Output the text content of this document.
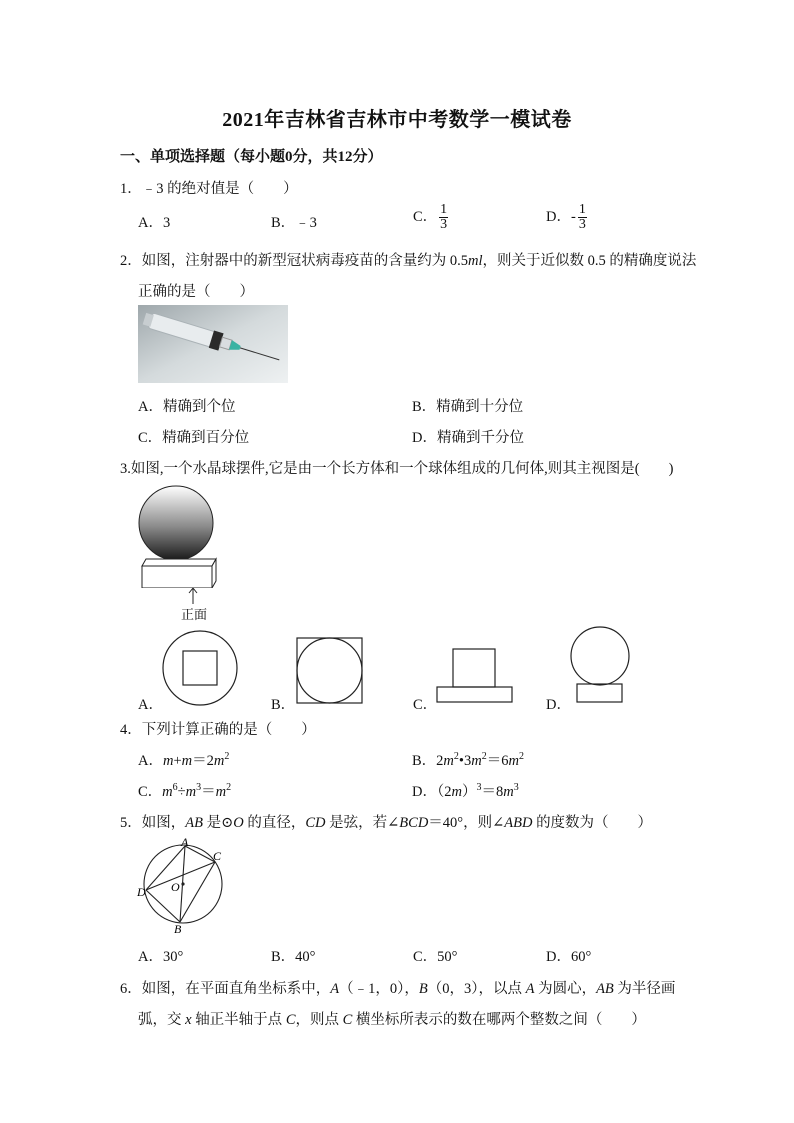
2021年吉林省吉林市中考数学一模试卷
一、单项选择题（每小题0分，共12分）
1．﹣3 的绝对值是（　　）
A．3	B．﹣3	C． $\frac{1}{3}$	D．- $\frac{1}{3}$
2．如图，注射器中的新型冠状病毒疫苗的含量约为 0.5ml，则关于近似数 0.5 的精确度说法
正确的是（　　）
A．精确到个位	B．精确到十分位
C．精确到百分位	D．精确到千分位
3.如图,一个水晶球摆件,它是由一个长方体和一个球体组成的几何体,则其主视图是(　　)
正面
A．	B．	C．	D．
4．下列计算正确的是（　　）
A．$m+m=2m^2$	B．$2m^2•3m^2=6m^2$
C．$m^6\div m^3=m^2$	D．$(2m)^3=8m^3$
5．如图，AB 是⊙O 的直径，CD 是弦，若∠BCD＝40°，则∠ABD 的度数为（　　）
A
C
D O
B
A．30°	B．40°	C．50°	D．60°
6．如图，在平面直角坐标系中，A（﹣1，0），B（0，3），以点 A 为圆心，AB 为半径画
弧，交 x 轴正半轴于点 C，则点 C 横坐标所表示的数在哪两个整数之间（　　）
